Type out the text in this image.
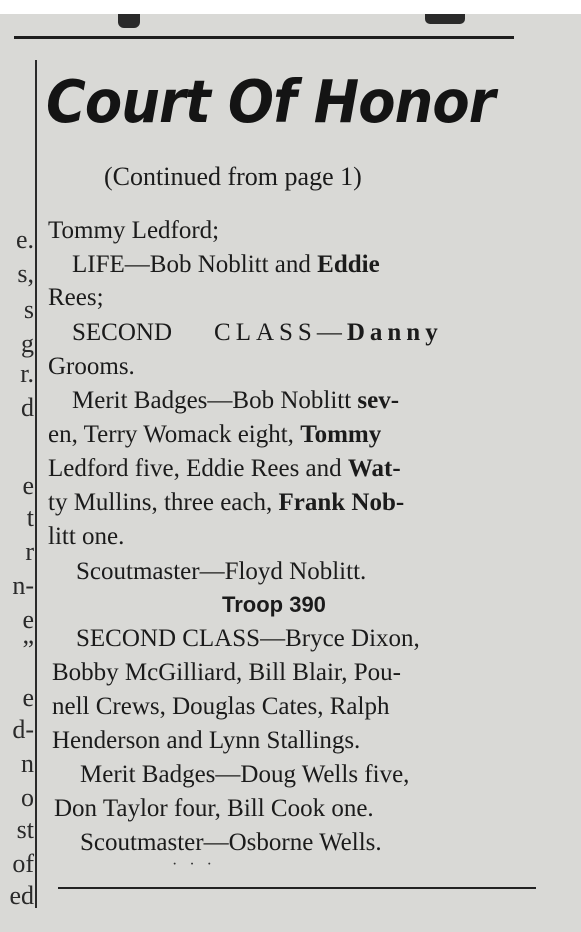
e.
s,
s
g
r.
d
e
t
r
n-
e
”
e
d-
n
o
st
of
ed
Court Of Honor
(Continued from page 1)
Tommy Ledford;
LIFE—Bob Noblitt and Eddie
Rees;
SECOND CLASS—Danny
Grooms.
Merit Badges—Bob Noblitt sev-
en, Terry Womack eight, Tommy
Ledford five, Eddie Rees and Wat-
ty Mullins, three each, Frank Nob-
litt one.
Scoutmaster—Floyd Noblitt.
Troop 390
SECOND CLASS—Bryce Dixon,
Bobby McGilliard, Bill Blair, Pou-
nell Crews, Douglas Cates, Ralph
Henderson and Lynn Stallings.
Merit Badges—Doug Wells five,
Don Taylor four, Bill Cook one.
Scoutmaster—Osborne Wells.
· · ·
